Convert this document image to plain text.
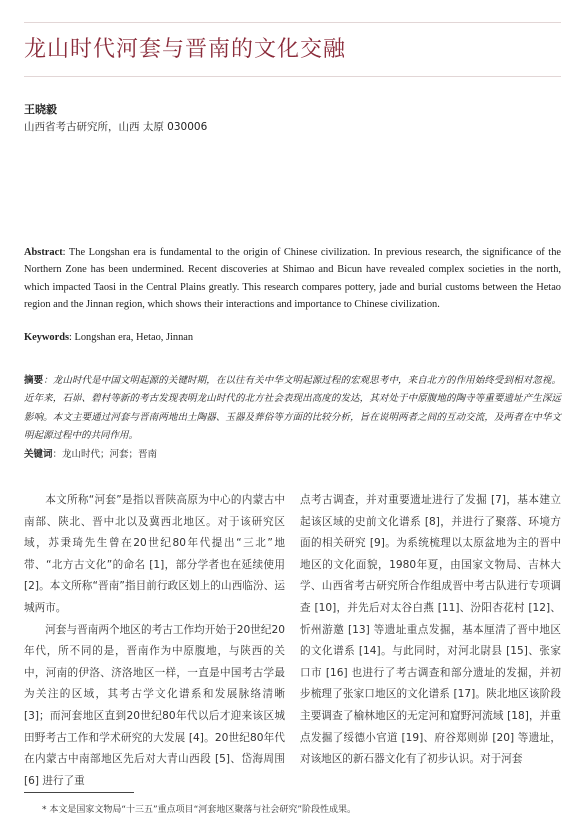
龙山时代河套与晋南的文化交融
王晓毅
山西省考古研究所，山西 太原 030006
Abstract: The Longshan era is fundamental to the origin of Chinese civilization. In previous research, the significance of the Northern Zone has been undermined. Recent discoveries at Shimao and Bicun have revealed complex societies in the north, which impacted Taosi in the Central Plains greatly. This research compares pottery, jade and burial customs between the Hetao region and the Jinnan region, which shows their interactions and importance to Chinese civilization.
Keywords: Longshan era, Hetao, Jinnan
摘要：龙山时代是中国文明起源的关键时期，在以往有关中华文明起源过程的宏观思考中，来自北方的作用始终受到相对忽视。近年来，石峁、碧村等新的考古发现表明龙山时代的北方社会表现出高度的发达，其对处于中原腹地的陶寺等重要遗址产生深远影响。本文主要通过河套与晋南两地出土陶器、玉器及葬俗等方面的比较分析，旨在说明两者之间的互动交流，及两者在中华文明起源过程中的共同作用。
关键词：龙山时代；河套；晋南

本文所称“河套”是指以晋陕高原为中心的内蒙古中南部、陕北、晋中北以及冀西北地区。对于该研究区域，苏秉琦先生曾在20世纪80年代提出“三北”地带、“北方古文化”的命名 [1]，部分学者也在延续使用 [2]。本文所称“晋南”指目前行政区划上的山西临汾、运城两市。

河套与晋南两个地区的考古工作均开始于20世纪20年代，所不同的是，晋南作为中原腹地，与陕西的关中，河南的伊洛、济洛地区一样，一直是中国考古学最为关注的区域，其考古学文化谱系和发展脉络清晰 [3]；而河套地区直到20世纪80年代以后才迎来该区城田野考古工作和学术研究的大发展 [4]。20世纪80年代在内蒙古中南部地区先后对大青山西段 [5]、岱海周围 [6] 进行了重

点考古调查，并对重要遗址进行了发掘 [7]，基本建立起该区域的史前文化谱系 [8]，并进行了聚落、环境方面的相关研究 [9]。为系统梳理以太原盆地为主的晋中地区的文化面貌，1980年夏，由国家文物局、吉林大学、山西省考古研究所合作组成晋中考古队进行专项调查 [10]，并先后对太谷白燕 [11]、汾阳杏花村 [12]、忻州游邀 [13] 等遗址重点发掘，基本厘清了晋中地区的文化谱系 [14]。与此同时，对河北尉县 [15]、张家口市 [16] 也进行了考古调查和部分遗址的发掘，并初步梳理了张家口地区的文化谱系 [17]。陕北地区该阶段主要调查了榆林地区的无定河和窟野河流域 [18]，并重点发掘了绥德小官道 [19]、府谷郑则峁 [20] 等遗址，对该地区的新石器文化有了初步认识。对于河套

* 本文是国家文物局“十三五”重点项目“河套地区聚落与社会研究”阶段性成果。
